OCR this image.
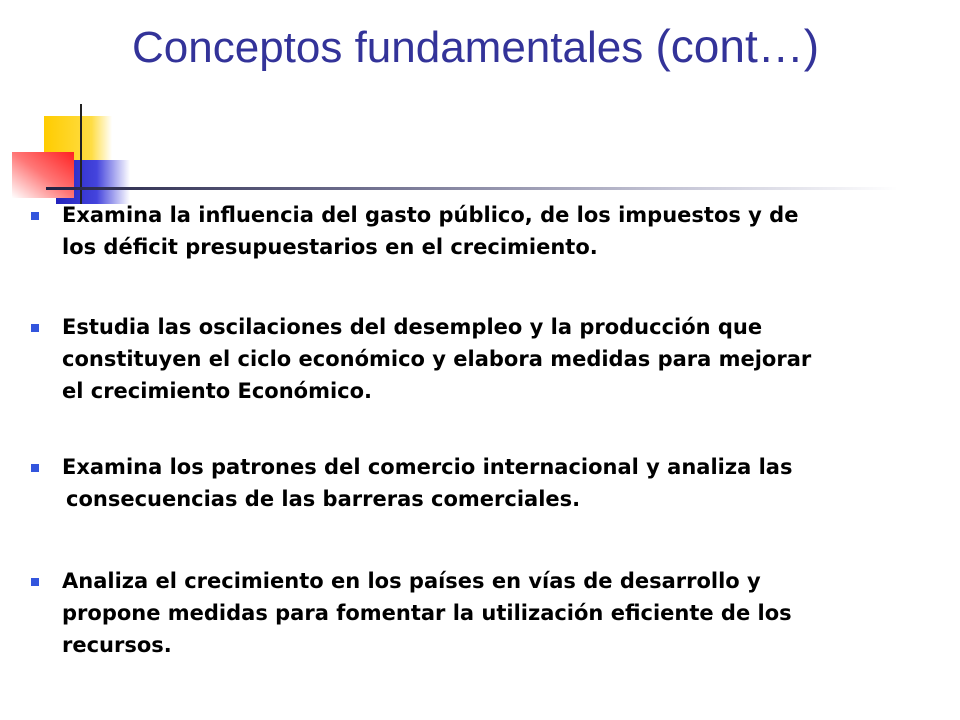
Conceptos fundamentales (cont…)
Examina la influencia del gasto público, de los impuestos y de
los déficit presupuestarios en el crecimiento.
Estudia las oscilaciones del desempleo y la producción que
constituyen el ciclo económico y elabora medidas para mejorar
el crecimiento Económico.
Examina los patrones del comercio internacional y analiza las
consecuencias de las barreras comerciales.
Analiza el crecimiento en los países en vías de desarrollo y
propone medidas para fomentar la utilización eficiente de los
recursos.
